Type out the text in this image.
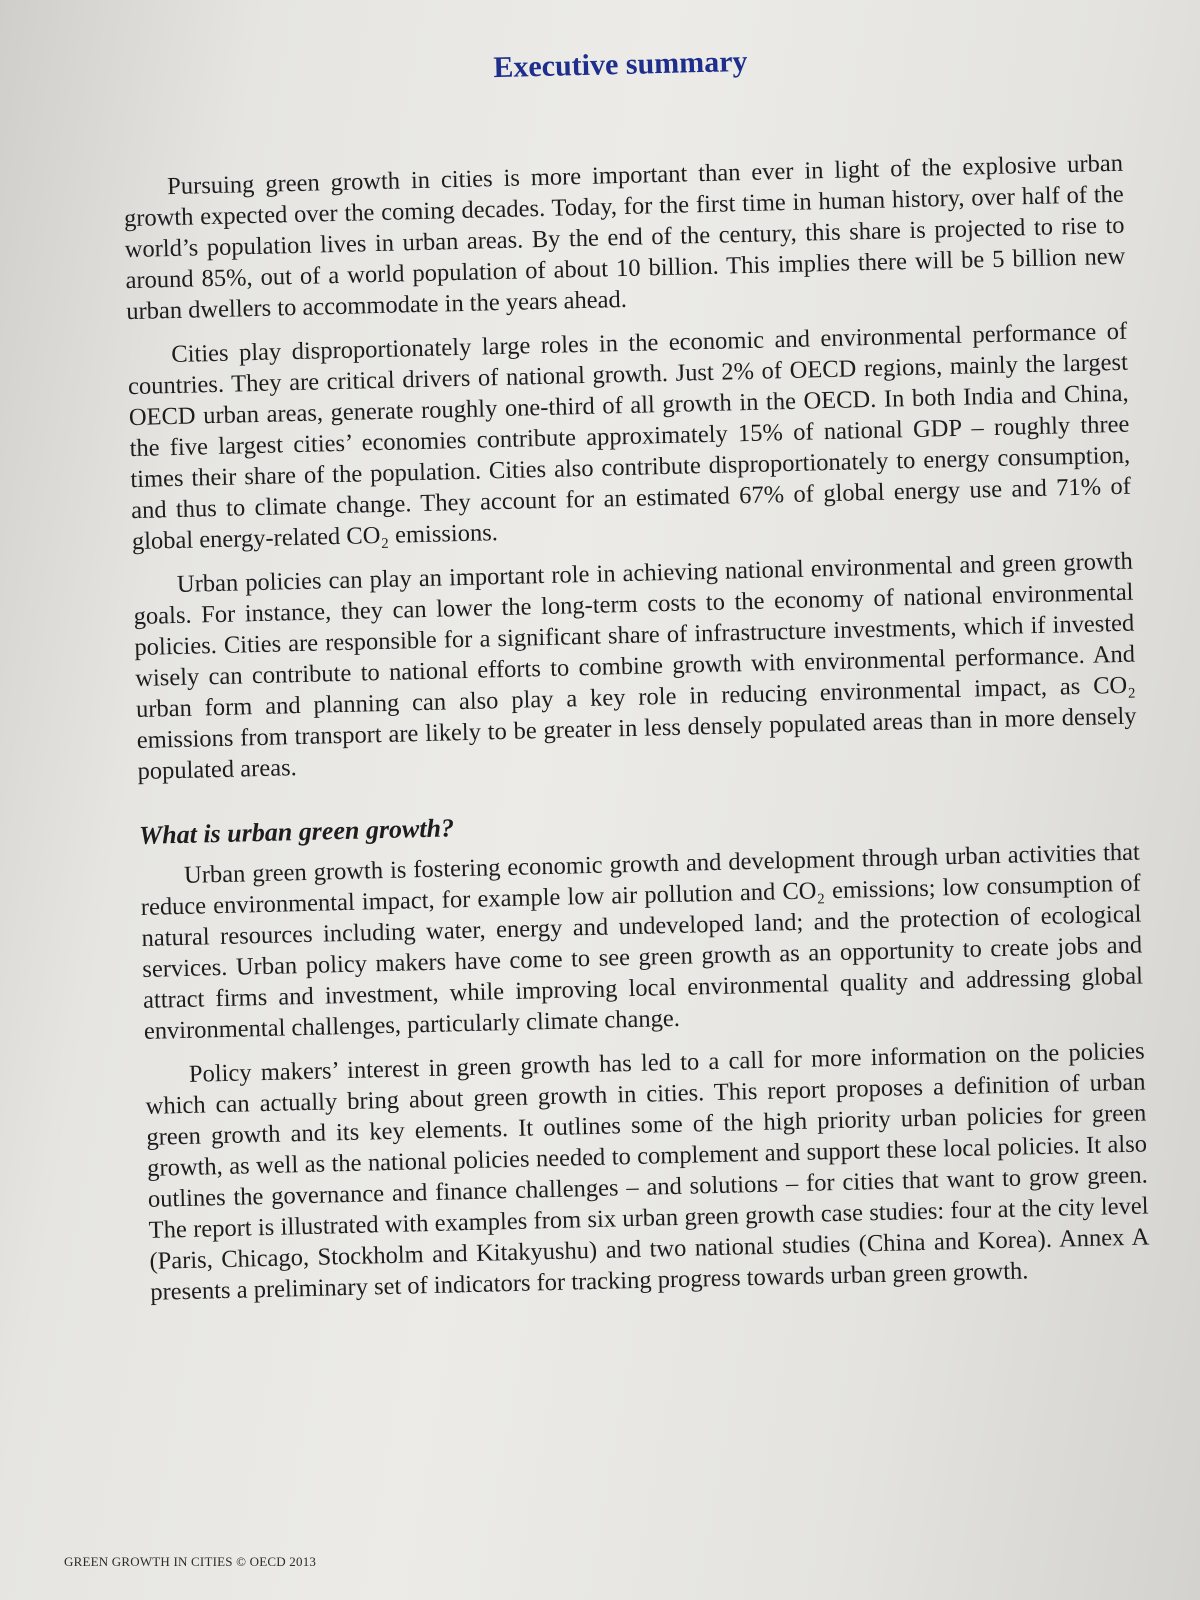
Executive summary

Pursuing green growth in cities is more important than ever in light of the explosive urban growth expected over the coming decades. Today, for the first time in human history, over half of the world’s population lives in urban areas. By the end of the century, this share is projected to rise to around 85%, out of a world population of about 10 billion. This implies there will be 5 billion new urban dwellers to accommodate in the years ahead.

Cities play disproportionately large roles in the economic and environmental performance of countries. They are critical drivers of national growth. Just 2% of OECD regions, mainly the largest OECD urban areas, generate roughly one-third of all growth in the OECD. In both India and China, the five largest cities’ economies contribute approximately 15% of national GDP – roughly three times their share of the population. Cities also contribute disproportionately to energy consumption, and thus to climate change. They account for an estimated 67% of global energy use and 71% of global energy-related CO₂ emissions.

Urban policies can play an important role in achieving national environmental and green growth goals. For instance, they can lower the long-term costs to the economy of national environmental policies. Cities are responsible for a significant share of infrastructure investments, which if invested wisely can contribute to national efforts to combine growth with environmental performance. And urban form and planning can also play a key role in reducing environmental impact, as CO₂ emissions from transport are likely to be greater in less densely populated areas than in more densely populated areas.

What is urban green growth?

Urban green growth is fostering economic growth and development through urban activities that reduce environmental impact, for example low air pollution and CO₂ emissions; low consumption of natural resources including water, energy and undeveloped land; and the protection of ecological services. Urban policy makers have come to see green growth as an opportunity to create jobs and attract firms and investment, while improving local environmental quality and addressing global environmental challenges, particularly climate change.

Policy makers’ interest in green growth has led to a call for more information on the policies which can actually bring about green growth in cities. This report proposes a definition of urban green growth and its key elements. It outlines some of the high priority urban policies for green growth, as well as the national policies needed to complement and support these local policies. It also outlines the governance and finance challenges – and solutions – for cities that want to grow green. The report is illustrated with examples from six urban green growth case studies: four at the city level (Paris, Chicago, Stockholm and Kitakyushu) and two national studies (China and Korea). Annex A presents a preliminary set of indicators for tracking progress towards urban green growth.

GREEN GROWTH IN CITIES © OECD 2013
